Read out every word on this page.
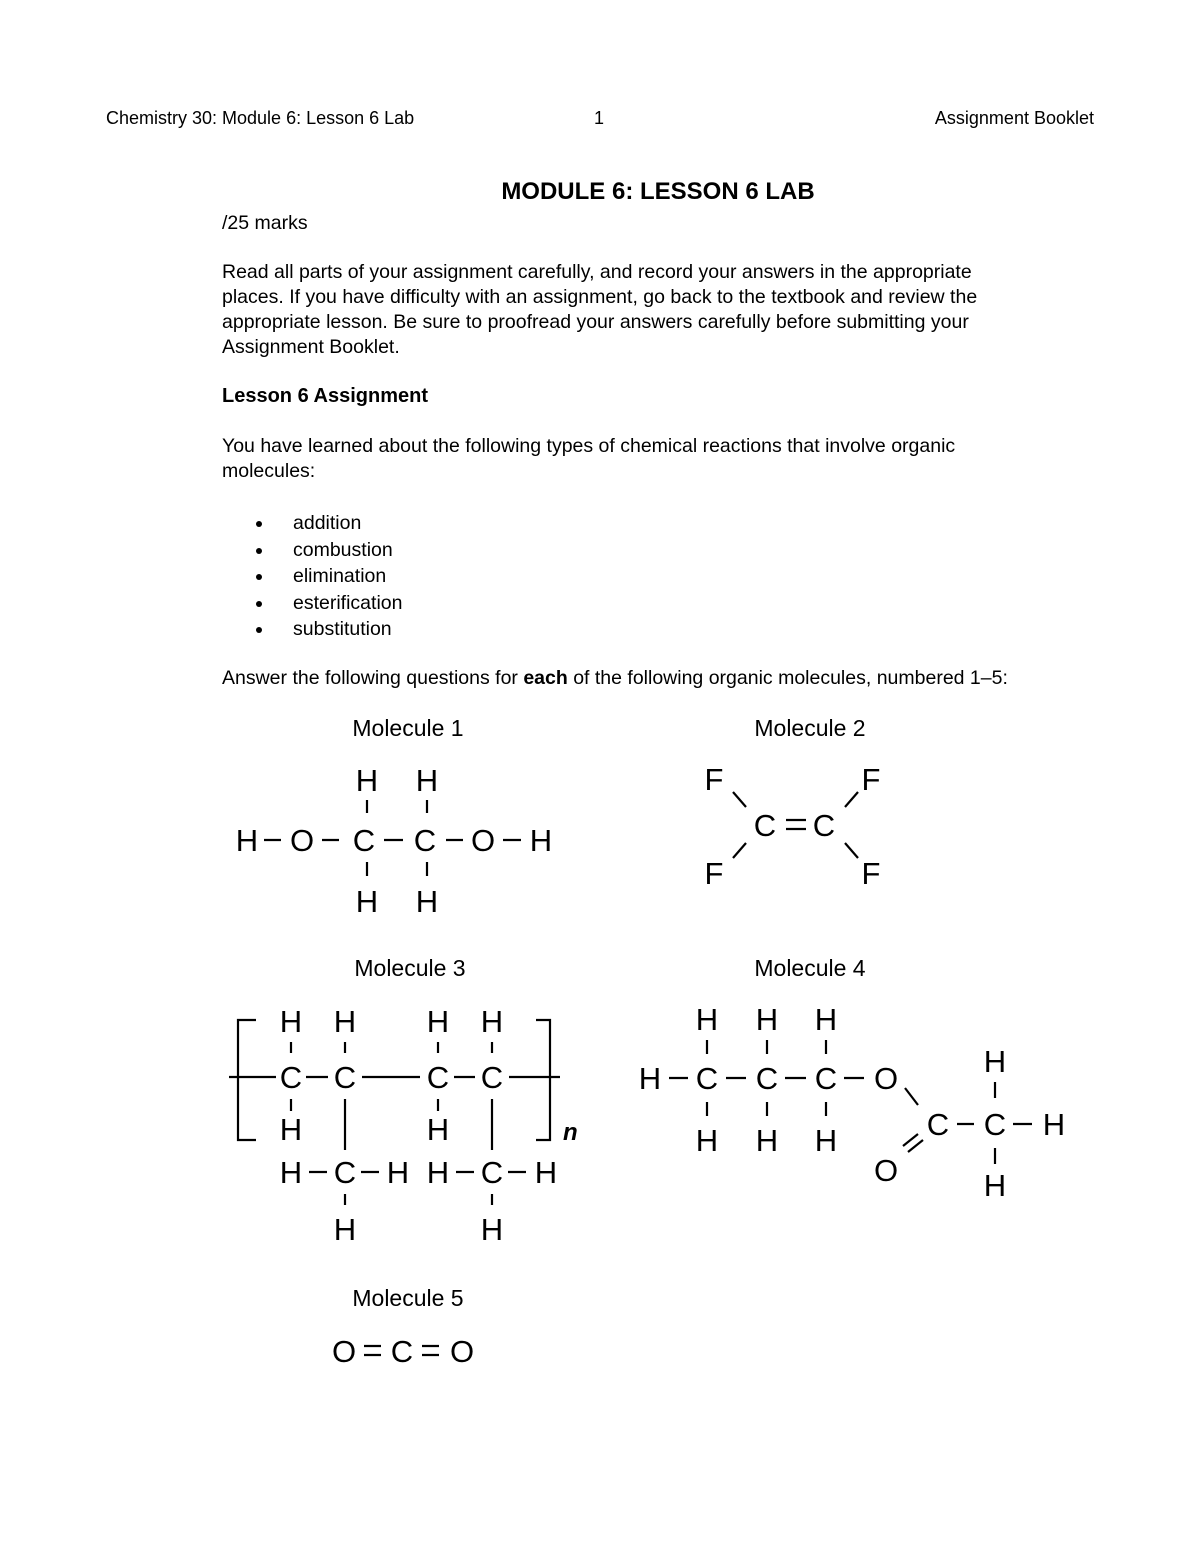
Chemistry 30: Module 6: Lesson 6 Lab	1	Assignment Booklet
MODULE 6: LESSON 6 LAB
/25 marks
Read all parts of your assignment carefully, and record your answers in the appropriate
places. If you have difficulty with an assignment, go back to the textbook and review the
appropriate lesson. Be sure to proofread your answers carefully before submitting your
Assignment Booklet.
Lesson 6 Assignment
You have learned about the following types of chemical reactions that involve organic
molecules:
addition
combustion
elimination
esterification
substitution
Answer the following questions for each of the following organic molecules, numbered 1–5:
Molecule 1	Molecule 2
Molecule 3	Molecule 4
Molecule 5
H O C C O H
H H
H H
F	F
F	F
C C
H H H H
C C C C
H	H
H C H H C H
H	H
H H H
H C C C O
H H H	C
O
H
C H
H
O C O
n
